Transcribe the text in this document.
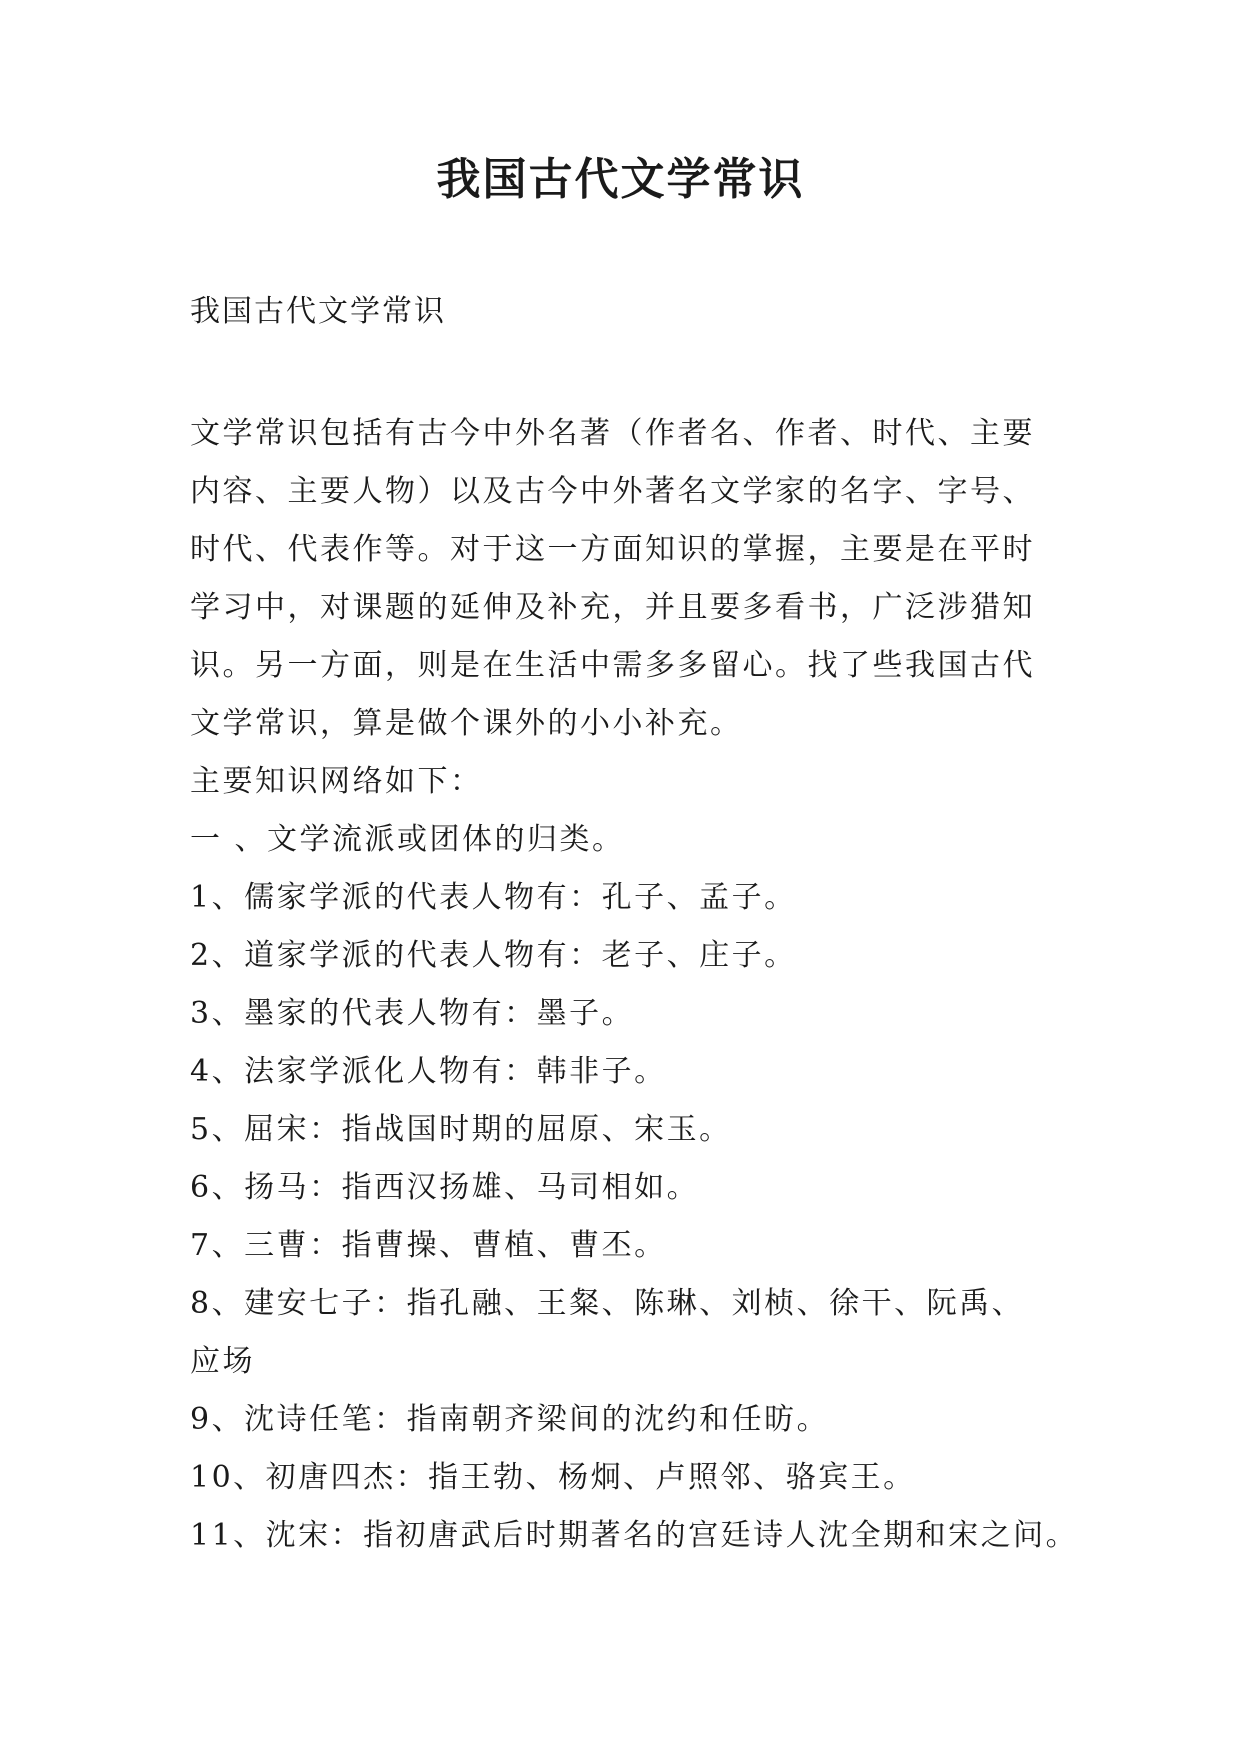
我国古代文学常识
我国古代文学常识

文学常识包括有古今中外名著（作者名、作者、时代、主要

内容、主要人物）以及古今中外著名文学家的名字、字号、

时代、代表作等。对于这一方面知识的掌握，主要是在平时

学习中，对课题的延伸及补充，并且要多看书，广泛涉猎知

识。另一方面，则是在生活中需多多留心。找了些我国古代

文学常识，算是做个课外的小小补充。

主要知识网络如下：

一 、文学流派或团体的归类。

1、儒家学派的代表人物有：孔子、孟子。

2、道家学派的代表人物有：老子、庄子。

3、墨家的代表人物有：墨子。

4、法家学派化人物有：韩非子。

5、屈宋：指战国时期的屈原、宋玉。

6、扬马：指西汉扬雄、马司相如。

7、三曹：指曹操、曹植、曹丕。

8、建安七子：指孔融、王粲、陈琳、刘桢、徐干、阮禹、

应场

9、沈诗任笔：指南朝齐梁间的沈约和任昉。

10、初唐四杰：指王勃、杨炯、卢照邻、骆宾王。

11、沈宋：指初唐武后时期著名的宫廷诗人沈全期和宋之问。
